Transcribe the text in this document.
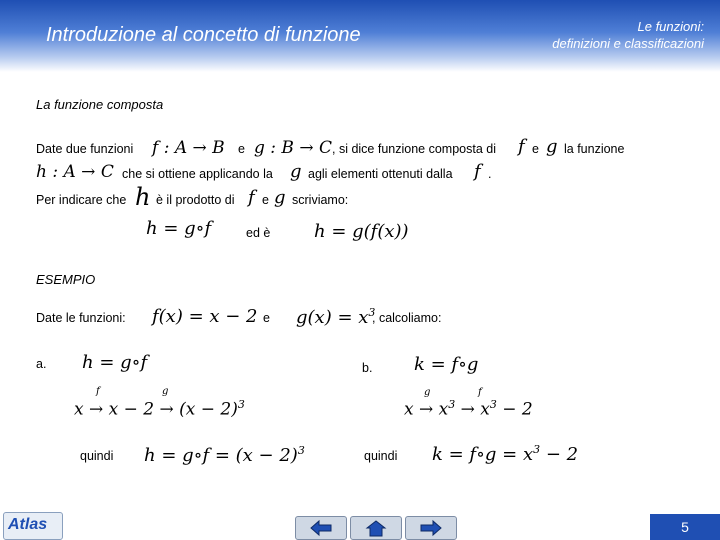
Introduzione al concetto di funzione	Le funzioni:
definizioni e classificazioni
La funzione composta
Date due funzioni f : A → B e g : B → C , si dice funzione composta di f e g la funzione
h : A → C che si ottiene applicando la g agli elementi ottenuti dalla f .
Per indicare che h è il prodotto di f e g scriviamo:
h = g∘f	ed è h = g(f(x))
ESEMPIO
Date le funzioni: f(x) = x − 2 e $g(x) = x^3$
, calcoliamo:
a. h = g∘f
f	g
$x \to x - 2 \to (x - 2)^3$
quindi h = g∘f = $(x - 2)^3$
b. k = f∘g
g	f
$x \to x^3 \to x^3 - 2$
quindi k = f∘g = $x^3 - 2$
Atlas	5
